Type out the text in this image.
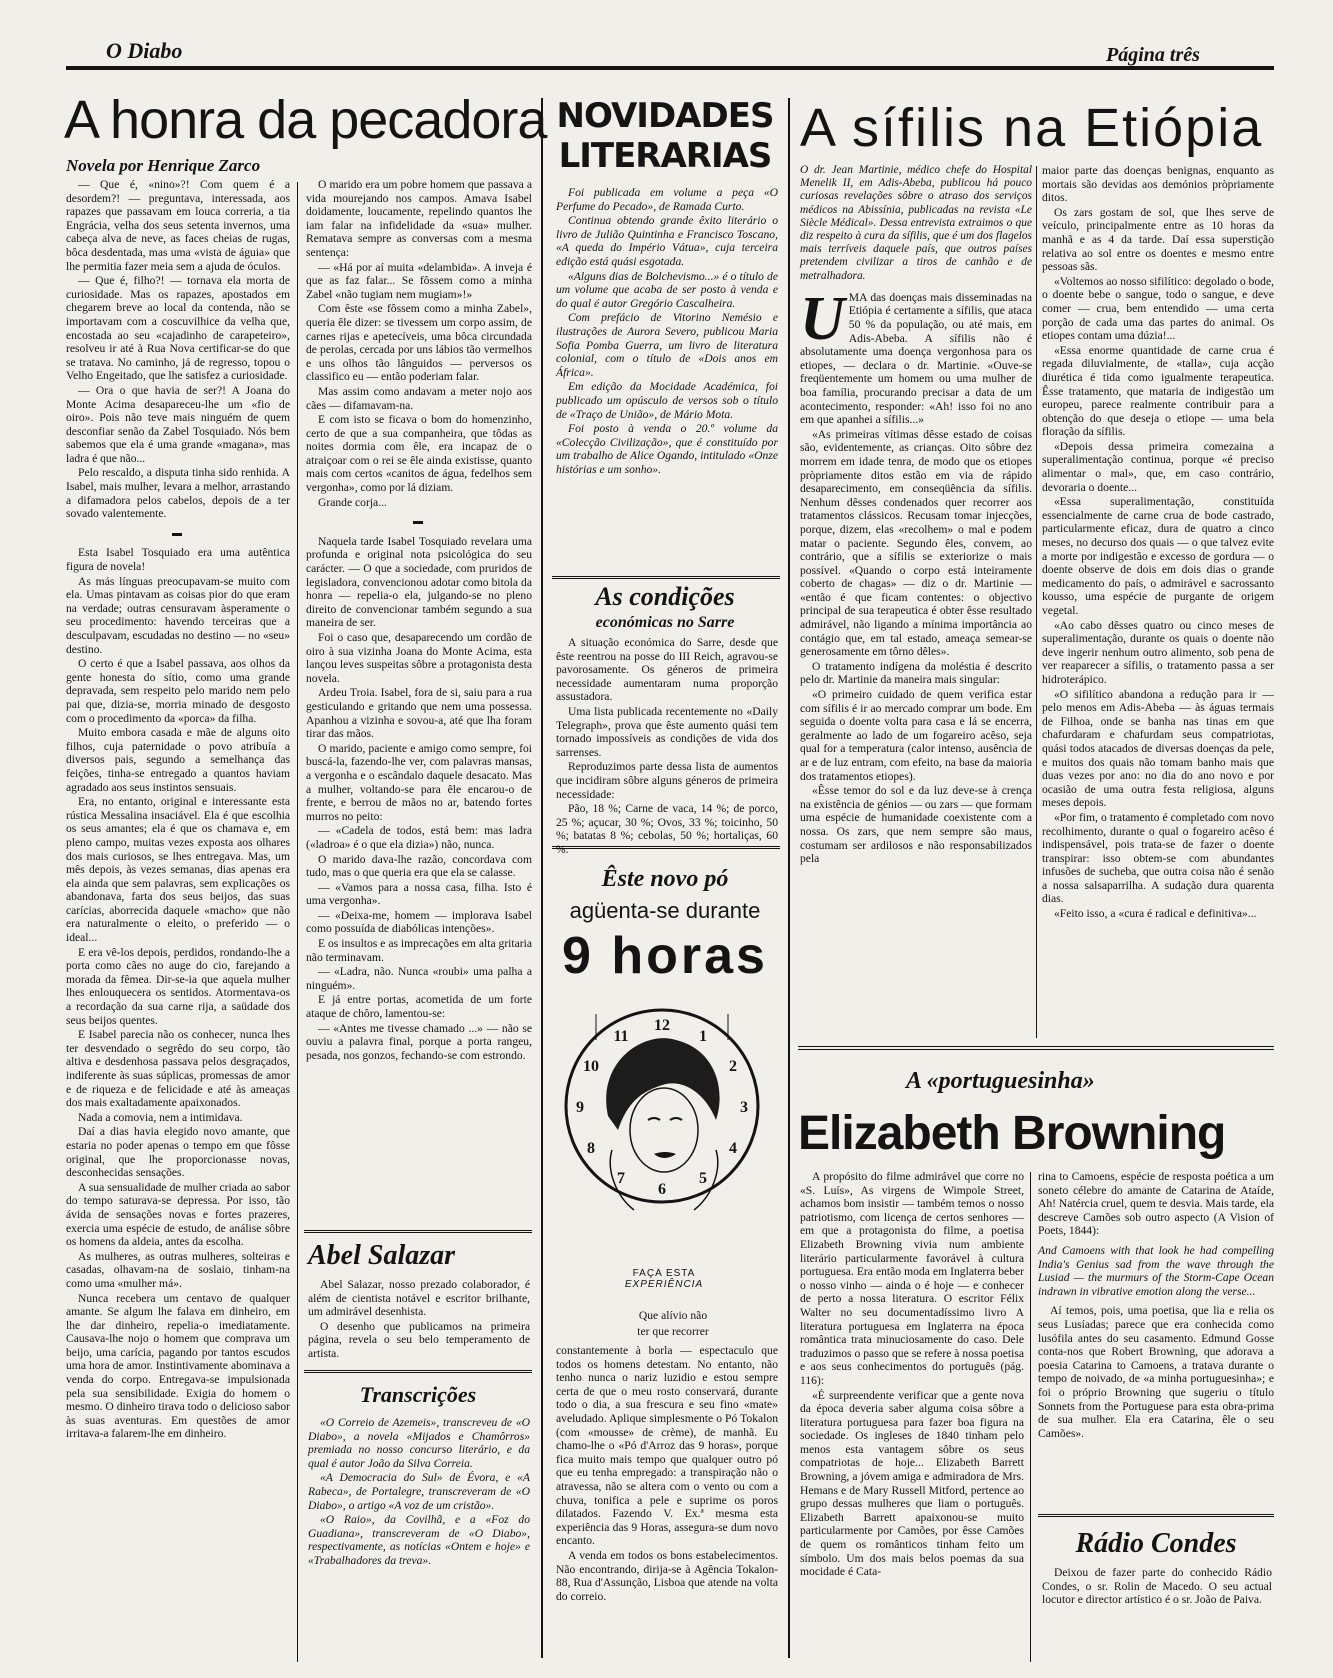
O Diabo	Página três
A honra da pecadora
Novela por Henrique Zarco

— Que é, «nino»?! Com quem é a desordem?! — preguntava, interessada, aos rapazes que passavam em louca correria, a tia Engrácia, velha dos seus setenta invernos, uma cabeça alva de neve, as faces cheias de rugas, bôca desdentada, mas uma «vista de águia» que lhe permitia fazer meia sem a ajuda de óculos.

— Que é, filho?! — tornava ela morta de curiosidade. Mas os rapazes, apostados em chegarem breve ao local da contenda, não se importavam com a coscuvilhice da velha que, encostada ao seu «cajadinho de carapeteiro», resolveu ir até à Rua Nova certificar-se do que se tratava. No caminho, já de regresso, topou o Velho Engeitado, que lhe satisfez a curiosidade.

— Ora o que havia de ser?! A Joana do Monte Acima desapareceu-lhe um «fio de oiro». Pois não teve mais ninguém de quem desconfiar senão da Zabel Tosquiado. Nós bem sabemos que ela é uma grande «magana», mas ladra é que não...

Pelo rescaldo, a disputa tinha sido renhida. A Isabel, mais mulher, levara a melhor, arrastando a difamadora pelos cabelos, depois de a ter sovado valentemente.

▬

Esta Isabel Tosquiado era uma autêntica figura de novela!

As más línguas preocupavam-se muito com ela. Umas pintavam as coisas pior do que eram na verdade; outras censuravam àsperamente o seu procedimento: havendo terceiras que a desculpavam, escudadas no destino — no «seu» destino.

O certo é que a Isabel passava, aos olhos da gente honesta do sítio, como uma grande depravada, sem respeito pelo marido nem pelo pai que, dizia-se, morria minado de desgosto com o procedimento da «porca» da filha.

Muito embora casada e mãe de alguns oito filhos, cuja paternidade o povo atribuía a diversos pais, segundo a semelhança das feições, tinha-se entregado a quantos haviam agradado aos seus instintos sensuais.

Era, no entanto, original e interessante esta rústica Messalina insaciável. Ela é que escolhia os seus amantes; ela é que os chamava e, em pleno campo, muitas vezes exposta aos olhares dos mais curiosos, se lhes entregava. Mas, um mês depois, às vezes semanas, dias apenas era ela ainda que sem palavras, sem explicações os abandonava, farta dos seus beijos, das suas carícias, aborrecida daquele «macho» que não era naturalmente o eleito, o preferido — o ideal...

E era vê-los depois, perdidos, rondando-lhe a porta como cães no auge do cio, farejando a morada da fêmea. Dir-se-ia que aquela mulher lhes enlouquecera os sentidos. Atormentava-os a recordação da sua carne rija, a saüdade dos seus beijos quentes.

E Isabel parecia não os conhecer, nunca lhes ter desvendado o segrêdo do seu corpo, tão altiva e desdenhosa passava pelos desgraçados, indiferente às suas súplicas, promessas de amor e de riqueza e de felicidade e até às ameaças dos mais exaltadamente apaixonados.

Nada a comovia, nem a intimidava.

Daí a dias havia elegido novo amante, que estaria no poder apenas o tempo em que fôsse original, que lhe proporcionasse novas, desconhecidas sensações.

A sua sensualidade de mulher criada ao sabor do tempo saturava-se depressa. Por isso, tão ávida de sensações novas e fortes prazeres, exercia uma espécie de estudo, de análise sôbre os homens da aldeia, antes da escolha.

As mulheres, as outras mulheres, solteiras e casadas, olhavam-na de soslaio, tinham-na como uma «mulher má».

Nunca recebera um centavo de qualquer amante. Se algum lhe falava em dinheiro, em lhe dar dinheiro, repelia-o imediatamente. Causava-lhe nojo o homem que comprava um beijo, uma carícia, pagando por tantos escudos uma hora de amor. Instintivamente abominava a venda do corpo. Entregava-se impulsionada pela sua sensibilidade. Exigia do homem o mesmo. O dinheiro tirava todo o delicioso sabor às suas aventuras. Em questões de amor irritava-a falarem-lhe em dinheiro.

O marido era um pobre homem que passava a vida mourejando nos campos. Amava Isabel doidamente, loucamente, repelindo quantos lhe iam falar na infidelidade da «sua» mulher. Rematava sempre as conversas com a mesma sentença:

— «Há por aí muita «delambida». A inveja é que as faz falar... Se fôssem como a minha Zabel «não tugiam nem mugiam»!»

Com êste «se fôssem como a minha Zabel», queria êle dizer: se tivessem um corpo assim, de carnes rijas e apetecíveis, uma bôca circundada de perolas, cercada por uns lábios tão vermelhos e uns olhos tão lânguidos — perversos os classifico eu — então poderiam falar.

Mas assim como andavam a meter nojo aos cães — difamavam-na.

E com isto se ficava o bom do homenzinho, certo de que a sua companheira, que tôdas as noites dormia com êle, era incapaz de o atraiçoar com o rei se êle ainda existisse, quanto mais com certos «canitos de água, fedelhos sem vergonha», como por lá diziam.

Grande corja...

▬

Naquela tarde Isabel Tosquiado revelara uma profunda e original nota psicológica do seu carácter. — O que a sociedade, com pruridos de legisladora, convencionou adotar como bitola da honra — repelia-o ela, julgando-se no pleno direito de convencionar também segundo a sua maneira de ser.

Foi o caso que, desaparecendo um cordão de oiro à sua vizinha Joana do Monte Acima, esta lançou leves suspeitas sôbre a protagonista desta novela.

Ardeu Troia. Isabel, fora de si, saiu para a rua gesticulando e gritando que nem uma possessa. Apanhou a vizinha e sovou-a, até que lha foram tirar das mãos.

O marido, paciente e amigo como sempre, foi buscá-la, fazendo-lhe ver, com palavras mansas, a vergonha e o escândalo daquele desacato. Mas a mulher, voltando-se para êle encarou-o de frente, e berrou de mãos no ar, batendo fortes murros no peito:

— «Cadela de todos, está bem: mas ladra («ladroa» é o que ela dizia») não, nunca.

O marido dava-lhe razão, concordava com tudo, mas o que queria era que ela se calasse.

— «Vamos para a nossa casa, filha. Isto é uma vergonha».

— «Deixa-me, homem — implorava Isabel como possuída de diabólicas intenções».

E os insultos e as imprecações em alta gritaria não terminavam.

— «Ladra, não. Nunca «roubi» uma palha a ninguém».

E já entre portas, acometida de um forte ataque de chôro, lamentou-se:

— «Antes me tivesse chamado ...» — não se ouviu a palavra final, porque a porta rangeu, pesada, nos gonzos, fechando-se com estrondo.

Abel Salazar

Abel Salazar, nosso prezado colaborador, é além de cientista notável e escritor brilhante, um admirável desenhista.

O desenho que publicamos na primeira página, revela o seu belo temperamento de artista.

Transcrições

«O Correio de Azemeis», transcreveu de «O Diabo», a novela «Mijados e Chamôrros» premiada no nosso concurso literário, e da qual é autor João da Silva Correia.

«A Democracia do Sul» de Évora, e «A Rabeca», de Portalegre, transcreveram de «O Diabo», o artigo «A voz de um cristão».

«O Raio», da Covilhã, e a «Foz do Guadiana», transcreveram de «O Diabo», respectivamente, as notícias «Ontem e hoje» e «Trabalhadores da treva».

NOVIDADES
LITERARIAS

Foi publicada em volume a peça «O Perfume do Pecado», de Ramada Curto.

Continua obtendo grande êxito literário o livro de Julião Quintinha e Francisco Toscano, «A queda do Império Vátua», cuja terceira edição está quási esgotada.

«Alguns dias de Bolchevismo...» é o título de um volume que acaba de ser posto à venda e do qual é autor Gregório Cascalheira.

Com prefácio de Vitorino Nemésio e ilustrações de Aurora Severo, publicou Maria Sofia Pomba Guerra, um livro de literatura colonial, com o título de «Dois anos em África».

Em edição da Mocidade Académica, foi publicado um opúsculo de versos sob o título de «Traço de União», de Mário Mota.

Foi posto à venda o 20.º volume da «Colecção Civilização», que é constituído por um trabalho de Alice Ogando, intitulado «Onze histórias e um sonho».

As condições
económicas no Sarre

A situação económica do Sarre, desde que êste reentrou na posse do III Reich, agravou-se pavorosamente. Os géneros de primeira necessidade aumentaram numa proporção assustadora.

Uma lista publicada recentemente no «Daily Telegraph», prova que êste aumento quási tem tornado impossíveis as condições de vida dos sarrenses.

Reproduzimos parte dessa lista de aumentos que incidiram sôbre alguns géneros de primeira necessidade:

Pão, 18 %; Carne de vaca, 14 %; de porco, 25 %; açucar, 30 %; Ovos, 33 %; toicinho, 50 %; batatas 8 %; cebolas, 50 %; hortaliças, 60 %.

Êste novo pó
agüenta-se durante
9 horas
12
1
2
3
4
5
6
7
8
9
10
11
FAÇA ESTA
EXPERIÊNCIA
Que alívio não
ter que recorrer

constantemente à borla — espectaculo que todos os homens detestam. No entanto, não tenho nunca o nariz luzidio e estou sempre certa de que o meu rosto conservará, durante todo o dia, a sua frescura e seu fino «mate» aveludado. Aplique simplesmente o Pó Tokalon (com «mousse» de crème), de manhã. Eu chamo-lhe o «Pó d'Arroz das 9 horas», porque fica muito mais tempo que qualquer outro pó que eu tenha empregado: a transpiração não o atravessa, não se altera com o vento ou com a chuva, tonifica a pele e suprime os poros dilatados. Fazendo V. Ex.ª mesma esta experiência das 9 Horas, assegura-se dum novo encanto.

A venda em todos os bons estabelecimentos. Não encontrando, dirija-se à Agência Tokalon-88, Rua d'Assunção, Lisboa que atende na volta do correio.

A sífilis na Etiópia
O dr. Jean Martinie, médico chefe do Hospital Menelik II, em Adis-Abeba, publicou há pouco curiosas revelações sôbre o atraso dos serviços médicos na Abissínia, publicadas na revista «Le Siècle Médical». Dessa entrevista extraimos o que diz respeito à cura da sífilis, que é um dos flagelos mais terríveis daquele país, que outros países pretendem civilizar a tiros de canhão e de metralhadora.
U MA das doenças mais disseminadas na Etiópia é certamente a sífilis, que ataca 50 % da população, ou até mais, em Adis-Abeba. A sífilis não é absolutamente uma doença vergonhosa para os etiopes, — declara o dr. Martinie. «Ouve-se freqüentemente um homem ou uma mulher de boa família, procurando precisar a data de um acontecimento, responder: «Ah! isso foi no ano em que apanhei a sífilis...»

«As primeiras vítimas dêsse estado de coisas são, evidentemente, as crianças. Oito sôbre dez morrem em idade tenra, de modo que os etiopes pròpriamente ditos estão em via de rápido desaparecimento, em conseqüência da sífilis. Nenhum dêsses condenados quer recorrer aos tratamentos clássicos. Recusam tomar injecções, porque, dizem, elas «recolhem» o mal e podem matar o paciente. Segundo êles, convem, ao contrário, que a sífilis se exteriorize o mais possível. «Quando o corpo está inteiramente coberto de chagas» — diz o dr. Martinie — «então é que ficam contentes: o objectivo principal de sua terapeutica é obter êsse resultado admirável, não ligando a mínima importância ao contágio que, em tal estado, ameaça semear-se generosamente em tôrno dêles».

O tratamento indígena da moléstia é descrito pelo dr. Martinie da maneira mais singular:

«O primeiro cuidado de quem verifica estar com sífilis é ir ao mercado comprar um bode. Em seguida o doente volta para casa e lá se encerra, geralmente ao lado de um fogareiro acêso, seja qual for a temperatura (calor intenso, ausência de ar e de luz entram, com efeito, na base da maioria dos tratamentos etiopes).

«Êsse temor do sol e da luz deve-se à crença na existência de génios — ou zars — que formam uma espécie de humanidade coexistente com a nossa. Os zars, que nem sempre são maus, costumam ser ardilosos e não responsabilizados pela

maior parte das doenças benignas, enquanto as mortais são devidas aos demónios pròpriamente ditos.

Os zars gostam de sol, que lhes serve de veículo, principalmente entre as 10 horas da manhã e as 4 da tarde. Daí essa superstição relativa ao sol entre os doentes e mesmo entre pessoas sãs.

«Voltemos ao nosso sifilítico: degolado o bode, o doente bebe o sangue, todo o sangue, e deve comer — crua, bem entendido — uma certa porção de cada uma das partes do animal. Os etiopes contam uma dúzia!...

«Essa enorme quantidade de carne crua é regada diluvialmente, de «talla», cuja acção diurética é tida como igualmente terapeutica. Êsse tratamento, que mataria de indigestão um europeu, parece realmente contribuir para a obtenção do que deseja o etiope — uma bela floração da sífilis.

«Depois dessa primeira comezaina a superalimentação continua, porque «é preciso alimentar o mal», que, em caso contrário, devoraria o doente...

«Essa superalimentação, constituída essencialmente de carne crua de bode castrado, particularmente eficaz, dura de quatro a cinco meses, no decurso dos quais — o que talvez evite a morte por indigestão e excesso de gordura — o doente observe de dois em dois dias o grande medicamento do país, o admirável e sacrossanto kousso, uma espécie de purgante de origem vegetal.

«Ao cabo dêsses quatro ou cinco meses de superalimentação, durante os quais o doente não deve ingerir nenhum outro alimento, sob pena de ver reaparecer a sífilis, o tratamento passa a ser hidroterápico.

«O sifilítico abandona a redução para ir — pelo menos em Adis-Abeba — às águas termais de Filhoa, onde se banha nas tinas em que chafurdaram e chafurdam seus compatriotas, quási todos atacados de diversas doenças da pele, e muitos dos quais não tomam banho mais que duas vezes por ano: no dia do ano novo e por ocasião de uma outra festa religiosa, alguns meses depois.

«Por fim, o tratamento é completado com novo recolhimento, durante o qual o fogareiro acêso é indispensável, pois trata-se de fazer o doente transpirar: isso obtem-se com abundantes infusões de sucheba, que outra coisa não é senão a nossa salsaparrilha. A sudação dura quarenta dias.

«Feito isso, a «cura é radical e definitiva»...

A «portuguesinha»
Elizabeth Browning

A propósito do filme admirável que corre no «S. Luís», As virgens de Wimpole Street, achamos bom insistir — também temos o nosso patriotismo, com licença de certos senhores — em que a protagonista do filme, a poetisa Elizabeth Browning vivia num ambiente literário particularmente favorável à cultura portuguesa. Era então moda em Inglaterra beber o nosso vinho — ainda o é hoje — e conhecer de perto a nossa literatura. O escritor Félix Walter no seu documentadíssimo livro A literatura portuguesa em Inglaterra na época romântica trata minuciosamente do caso. Dele traduzimos o passo que se refere à nossa poetisa e aos seus conhecimentos do português (pág. 116):

«É surpreendente verificar que a gente nova da época deveria saber alguma coisa sôbre a literatura portuguesa para fazer boa figura na sociedade. Os ingleses de 1840 tinham pelo menos esta vantagem sôbre os seus compatriotas de hoje... Elizabeth Barrett Browning, a jóvem amiga e admiradora de Mrs. Hemans e de Mary Russell Mitford, pertence ao grupo dessas mulheres que liam o português. Elizabeth Barrett apaixonou-se muito particularmente por Camões, por êsse Camões de quem os românticos tinham feito um símbolo. Um dos mais belos poemas da sua mocidade é Cata-

rina to Camoens, espécie de resposta poética a um soneto célebre do amante de Catarina de Ataíde, Ah! Natércia cruel, quem te desvia. Mais tarde, ela descreve Camões sob outro aspecto (A Vision of Poets, 1844):

And Camoens with that look he had compelling India's Genius sad from the wave through the Lusiad — the murmurs of the Storm-Cape Ocean indrawn in vibrative emotion along the verse...

Aí temos, pois, uma poetisa, que lia e relia os seus Lusíadas; parece que era conhecida como lusófila antes do seu casamento. Edmund Gosse conta-nos que Robert Browning, que adorava a poesia Catarina to Camoens, a tratava durante o tempo de noivado, de «a minha portuguesinha»; e foi o próprio Browning que sugeriu o título Sonnets from the Portuguese para esta obra-prima de sua mulher. Ela era Catarina, êle o seu Camões».

Rádio Condes

Deixou de fazer parte do conhecido Rádio Condes, o sr. Rolin de Macedo. O seu actual locutor e director artístico é o sr. João de Paiva.
